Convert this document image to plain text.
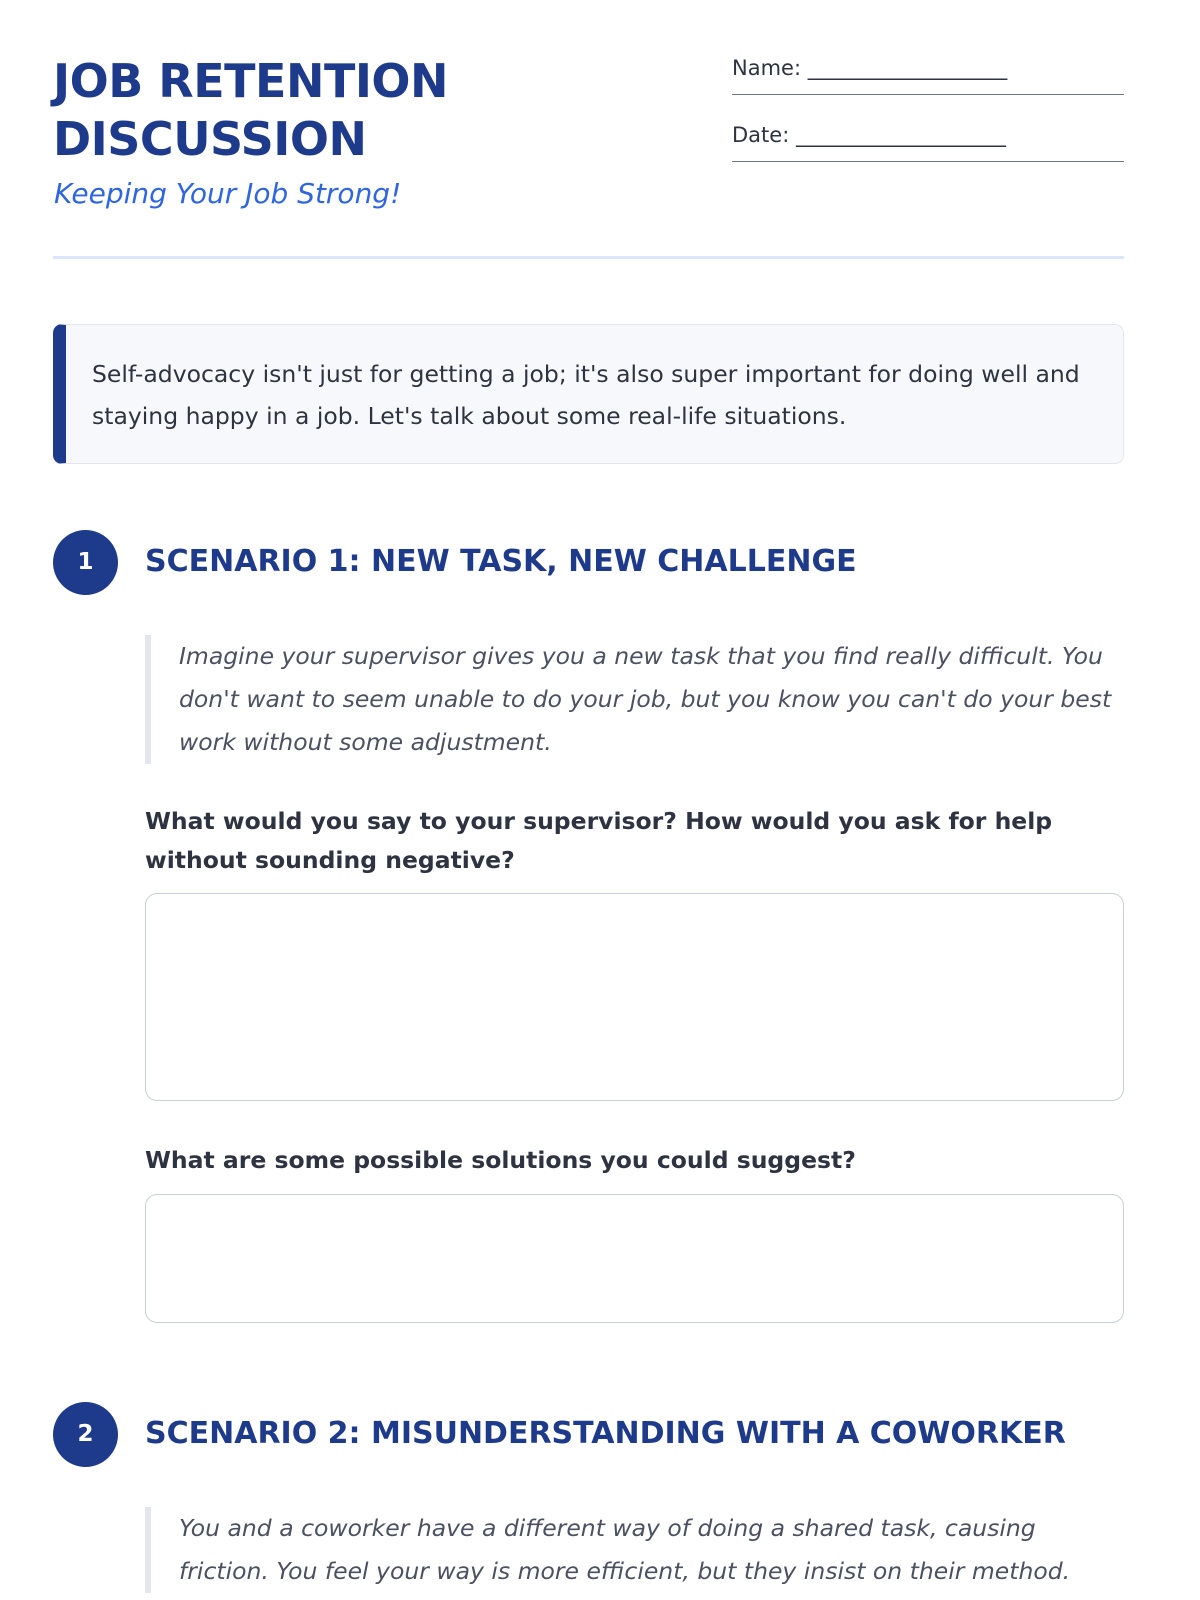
JOB RETENTION
DISCUSSION

Keeping Your Job Strong!

Name: ___________________
Date: ____________________
Self-advocacy isn't just for getting a job; it's also super important for doing well and staying happy in a job. Let's talk about some real-life situations.
1	SCENARIO 1: NEW TASK, NEW CHALLENGE
Imagine your supervisor gives you a new task that you find really difficult. You don't want to seem unable to do your job, but you know you can't do your best work without some adjustment.

What would you say to your supervisor? How would you ask for help without sounding negative?

What are some possible solutions you could suggest?

2	SCENARIO 2: MISUNDERSTANDING WITH A COWORKER
You and a coworker have a different way of doing a shared task, causing friction. You feel your way is more efficient, but they insist on their method.
